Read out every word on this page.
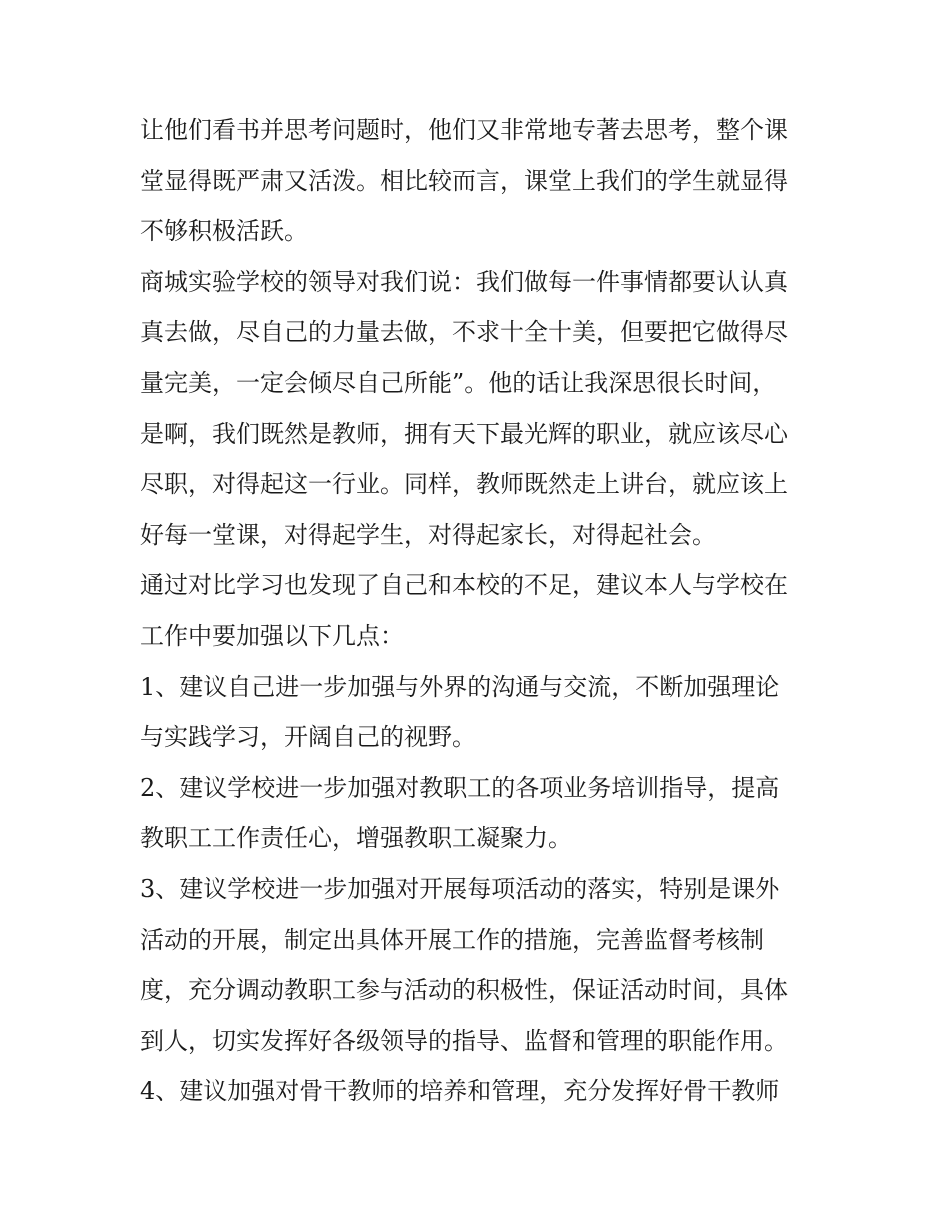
让他们看书并思考问题时，他们又非常地专著去思考，整个课
堂显得既严肃又活泼。相比较而言，课堂上我们的学生就显得
不够积极活跃。
商城实验学校的领导对我们说：我们做每一件事情都要认认真
真去做，尽自己的力量去做，不求十全十美，但要把它做得尽
量完美，一定会倾尽自己所能”。他的话让我深思很长时间，
是啊，我们既然是教师，拥有天下最光辉的职业，就应该尽心
尽职，对得起这一行业。同样，教师既然走上讲台，就应该上
好每一堂课，对得起学生，对得起家长，对得起社会。
通过对比学习也发现了自己和本校的不足，建议本人与学校在
工作中要加强以下几点：
1、建议自己进一步加强与外界的沟通与交流，不断加强理论
与实践学习，开阔自己的视野。
2、建议学校进一步加强对教职工的各项业务培训指导，提高
教职工工作责任心，增强教职工凝聚力。
3、建议学校进一步加强对开展每项活动的落实，特别是课外
活动的开展，制定出具体开展工作的措施，完善监督考核制
度，充分调动教职工参与活动的积极性，保证活动时间，具体
到人，切实发挥好各级领导的指导、监督和管理的职能作用。
4、建议加强对骨干教师的培养和管理，充分发挥好骨干教师
